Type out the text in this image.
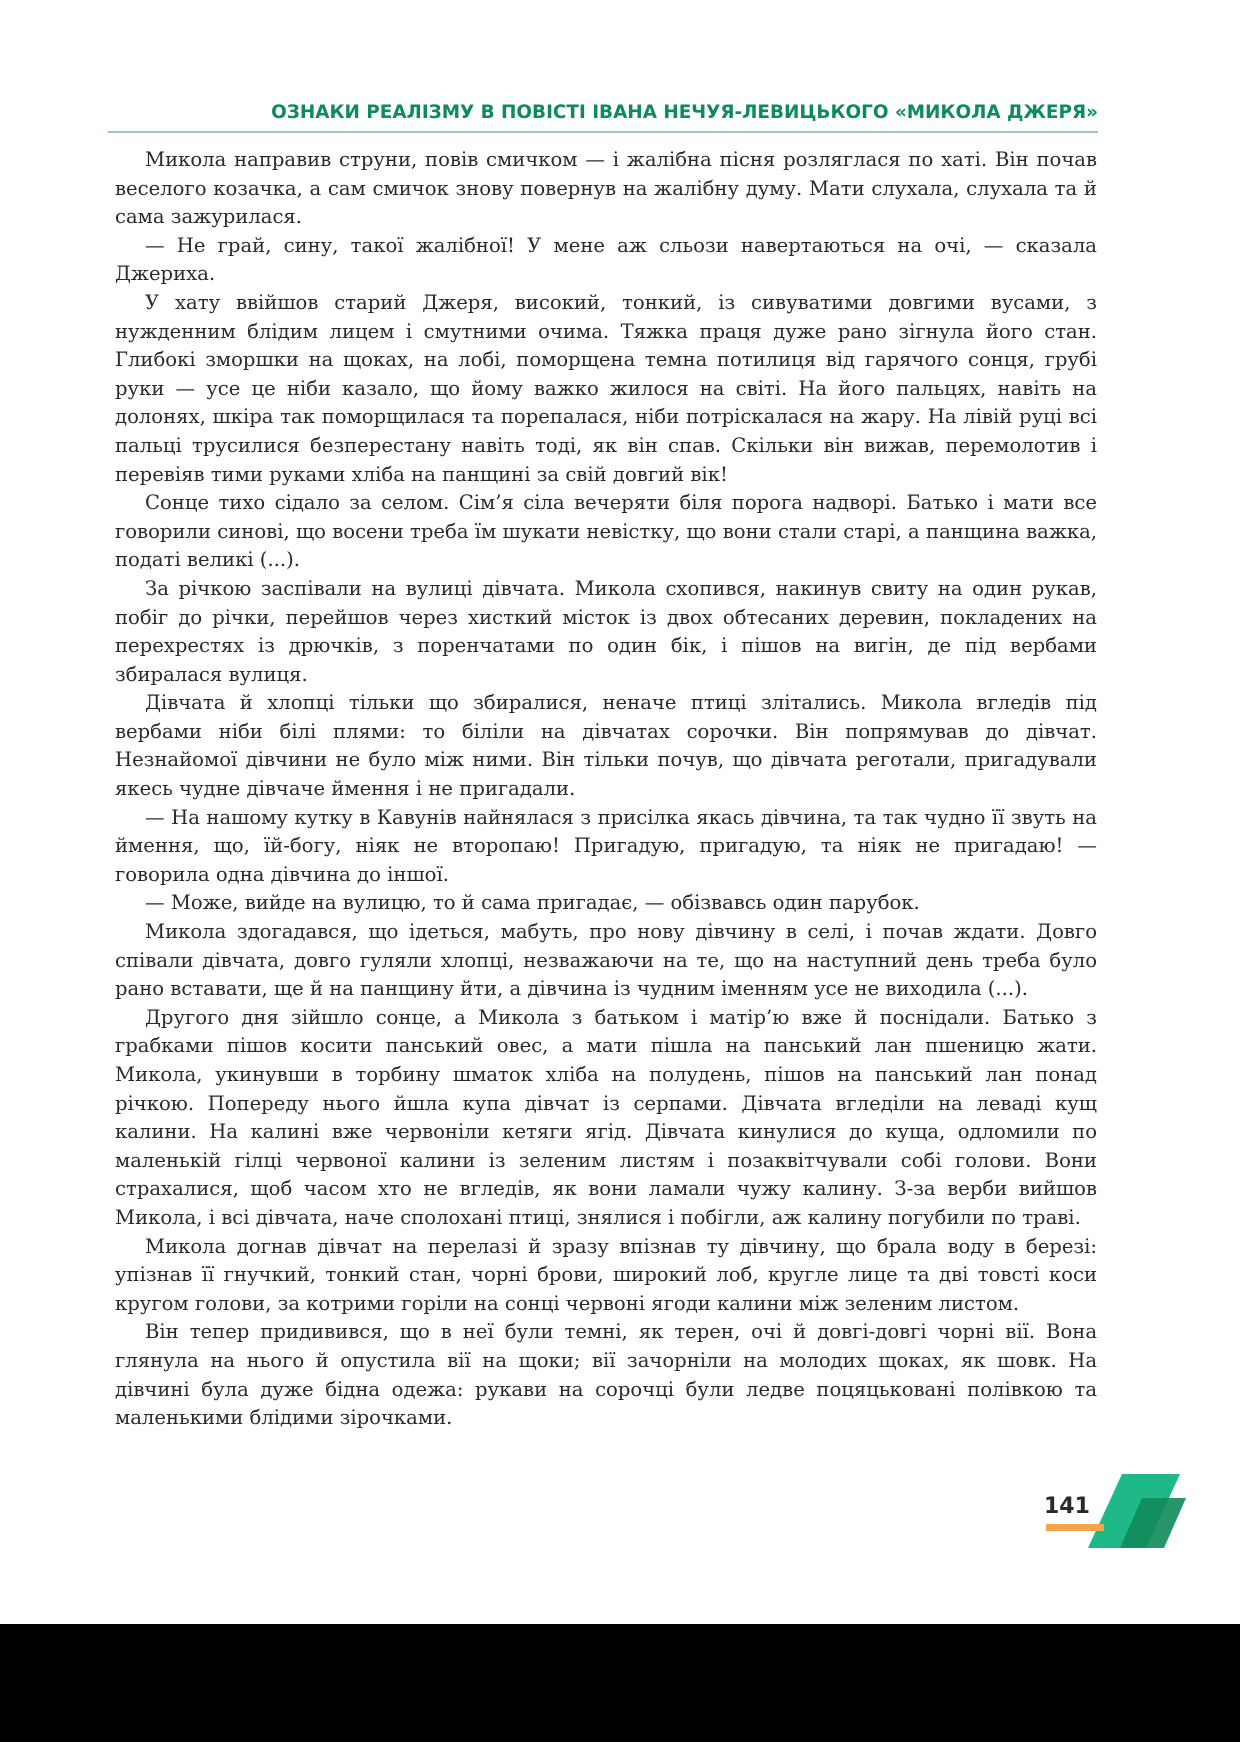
ОЗНАКИ РЕАЛІЗМУ В ПОВІСТІ ІВАНА НЕЧУЯ-ЛЕВИЦЬКОГО «МИКОЛА ДЖЕРЯ»

Микола направив струни, повів смичком — і жалібна пісня розляглася по хаті. Він почав веселого козачка, а сам смичок знову повернув на жалібну думу. Мати слухала, слухала та й сама зажурилася.

— Не грай, сину, такої жалібної! У мене аж сльози навертаються на очі, — сказала Джериха.

У хату ввійшов старий Джеря, високий, тонкий, із сивуватими довгими вусами, з нужденним блідим лицем і смутними очима. Тяжка праця дуже рано зігнула його стан. Глибокі зморшки на щоках, на лобі, поморщена темна потилиця від гарячого сонця, грубі руки — усе це ніби казало, що йому важко жилося на світі. На його пальцях, навіть на долонях, шкіра так поморщилася та порепалася, ніби потріскалася на жару. На лівій руці всі пальці трусилися безперестану навіть тоді, як він спав. Скільки він вижав, перемолотив і перевіяв тими руками хліба на панщині за свій довгий вік!

Сонце тихо сідало за селом. Сім’я сіла вечеряти біля порога надворі. Батько і мати все говорили синові, що восени треба їм шукати невістку, що вони стали старі, а панщина важка, податі великі (...).

За річкою заспівали на вулиці дівчата. Микола схопився, накинув свиту на один рукав, побіг до річки, перейшов через хисткий місток із двох обтесаних деревин, покладених на перехрестях із дрючків, з поренчатами по один бік, і пішов на вигін, де під вербами збиралася вулиця.

Дівчата й хлопці тільки що збиралися, неначе птиці злітались. Микола вгледів під вербами ніби білі плями: то біліли на дівчатах сорочки. Він попрямував до дівчат. Незнайомої дівчини не було між ними. Він тільки почув, що дівчата реготали, пригадували якесь чудне дівчаче ймення і не пригадали.

— На нашому кутку в Кавунів найнялася з присілка якась дівчина, та так чудно її звуть на ймення, що, їй-богу, ніяк не второпаю! Пригадую, пригадую, та ніяк не пригадаю! — говорила одна дівчина до іншої.

— Може, вийде на вулицю, то й сама пригадає, — обізвавсь один парубок.

Микола здогадався, що ідеться, мабуть, про нову дівчину в селі, і почав ждати. Довго співали дівчата, довго гуляли хлопці, незважаючи на те, що на наступний день треба було рано вставати, ще й на панщину йти, а дівчина із чудним іменням усе не виходила (...).

Другого дня зійшло сонце, а Микола з батьком і матір’ю вже й поснідали. Батько з грабками пішов косити панський овес, а мати пішла на панський лан пшеницю жати. Микола, укинувши в торбину шматок хліба на полудень, пішов на панський лан понад річкою. Попереду нього йшла купа дівчат із серпами. Дівчата вгледіли на леваді кущ калини. На калині вже червоніли кетяги ягід. Дівчата кинулися до куща, одломили по маленькій гілці червоної калини із зеленим листям і позаквітчували собі голови. Вони страхалися, щоб часом хто не вгледів, як вони ламали чужу калину. З-за верби вийшов Микола, і всі дівчата, наче сполохані птиці, знялися і побігли, аж калину погубили по траві.

Микола догнав дівчат на перелазі й зразу впізнав ту дівчину, що брала воду в березі: упізнав її гнучкий, тонкий стан, чорні брови, широкий лоб, кругле лице та дві товсті коси кругом голови, за котрими горіли на сонці червоні ягоди калини між зеленим листом.

Він тепер придивився, що в неї були темні, як терен, очі й довгі-довгі чорні вії. Вона глянула на нього й опустила вії на щоки; вії зачорніли на молодих щоках, як шовк. На дівчині була дуже бідна одежа: рукави на сорочці були ледве поцяцьковані полівкою та маленькими блідими зірочками.

141
